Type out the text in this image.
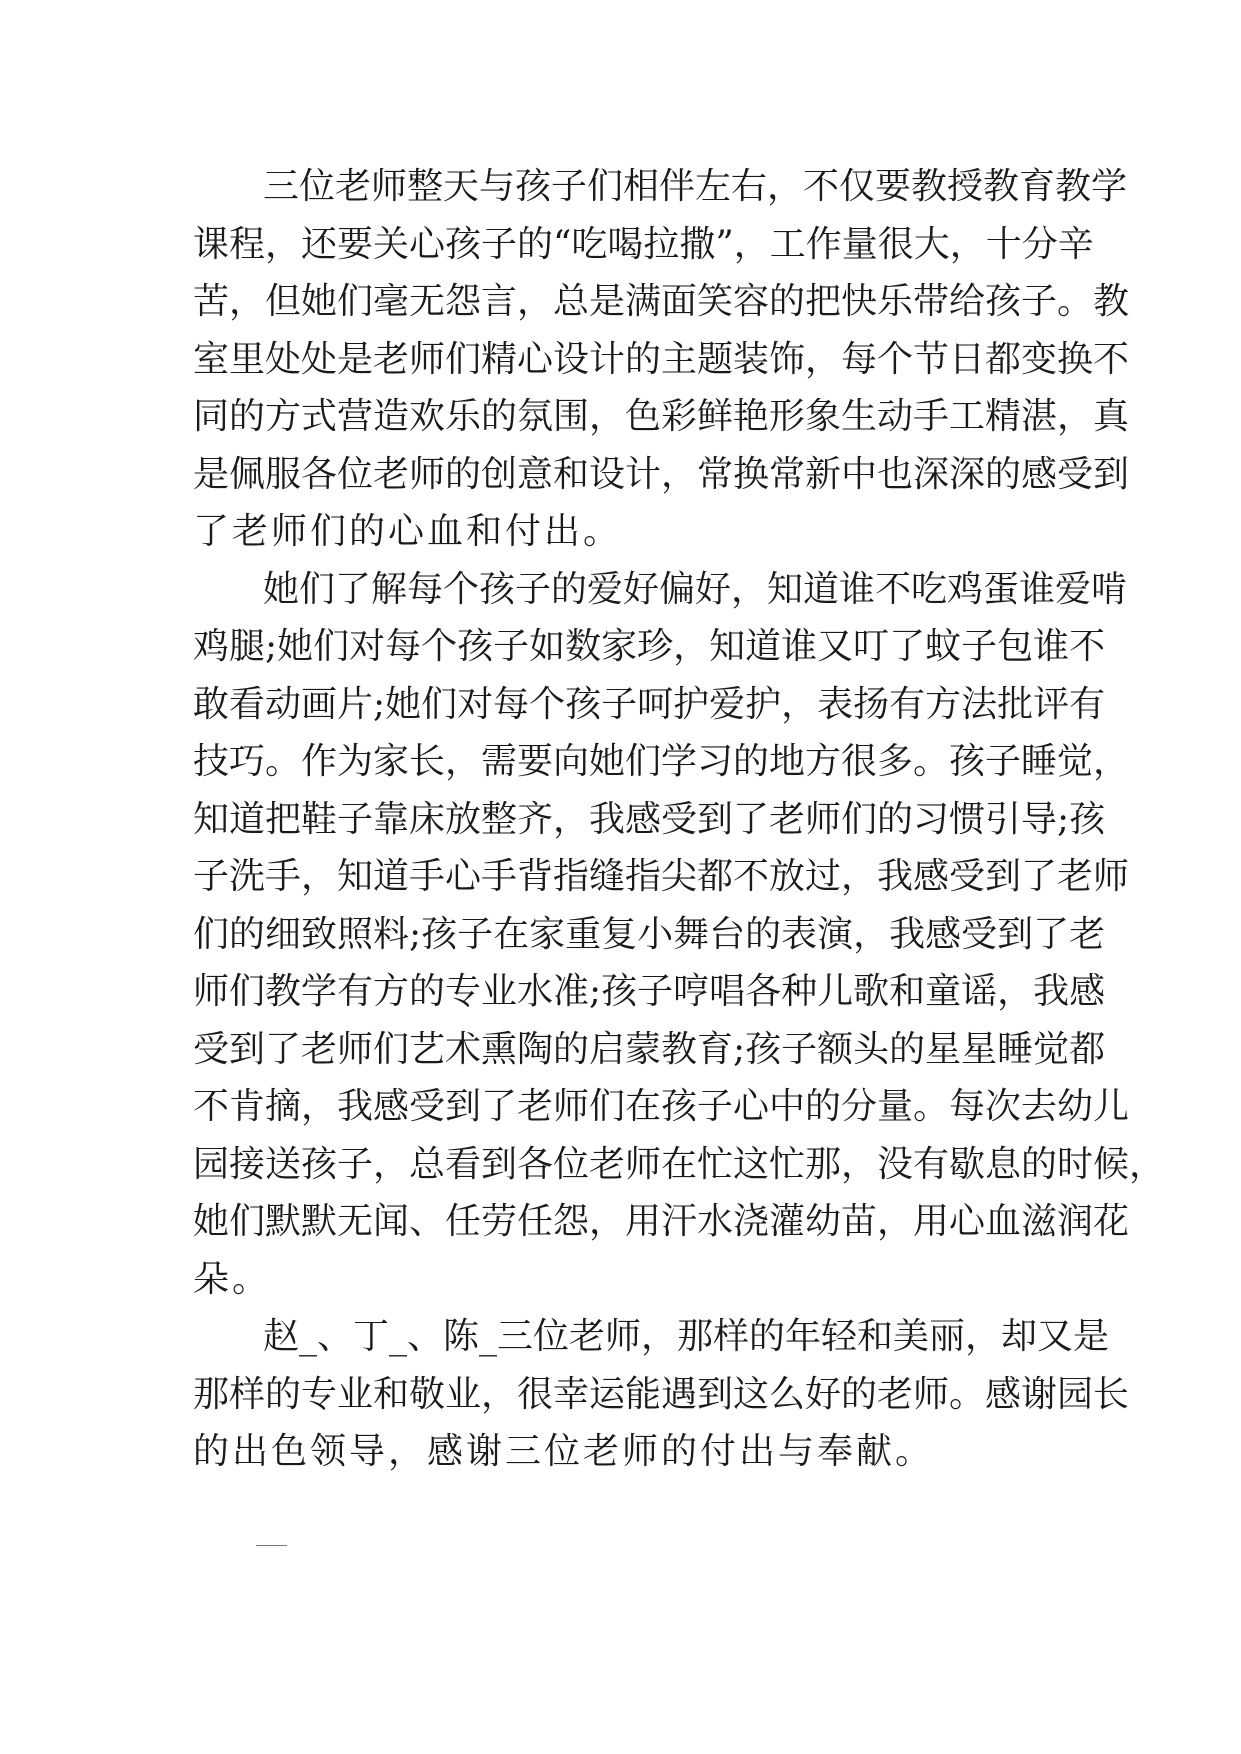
三位老师整天与孩子们相伴左右，不仅要教授教育教学
课程，还要关心孩子的“吃喝拉撒”，工作量很大，十分辛
苦，但她们毫无怨言，总是满面笑容的把快乐带给孩子。教
室里处处是老师们精心设计的主题装饰，每个节日都变换不
同的方式营造欢乐的氛围，色彩鲜艳形象生动手工精湛，真
是佩服各位老师的创意和设计，常换常新中也深深的感受到
了老师们的心血和付出。
她们了解每个孩子的爱好偏好，知道谁不吃鸡蛋谁爱啃
鸡腿;她们对每个孩子如数家珍，知道谁又叮了蚊子包谁不
敢看动画片;她们对每个孩子呵护爱护，表扬有方法批评有
技巧。作为家长，需要向她们学习的地方很多。孩子睡觉，
知道把鞋子靠床放整齐，我感受到了老师们的习惯引导;孩
子洗手，知道手心手背指缝指尖都不放过，我感受到了老师
们的细致照料;孩子在家重复小舞台的表演，我感受到了老
师们教学有方的专业水准;孩子哼唱各种儿歌和童谣，我感
受到了老师们艺术熏陶的启蒙教育;孩子额头的星星睡觉都
不肯摘，我感受到了老师们在孩子心中的分量。每次去幼儿
园接送孩子，总看到各位老师在忙这忙那，没有歇息的时候，
她们默默无闻、任劳任怨，用汗水浇灌幼苗，用心血滋润花
朵。
赵_、丁_、陈_三位老师，那样的年轻和美丽，却又是
那样的专业和敬业，很幸运能遇到这么好的老师。感谢园长
的出色领导，感谢三位老师的付出与奉献。
